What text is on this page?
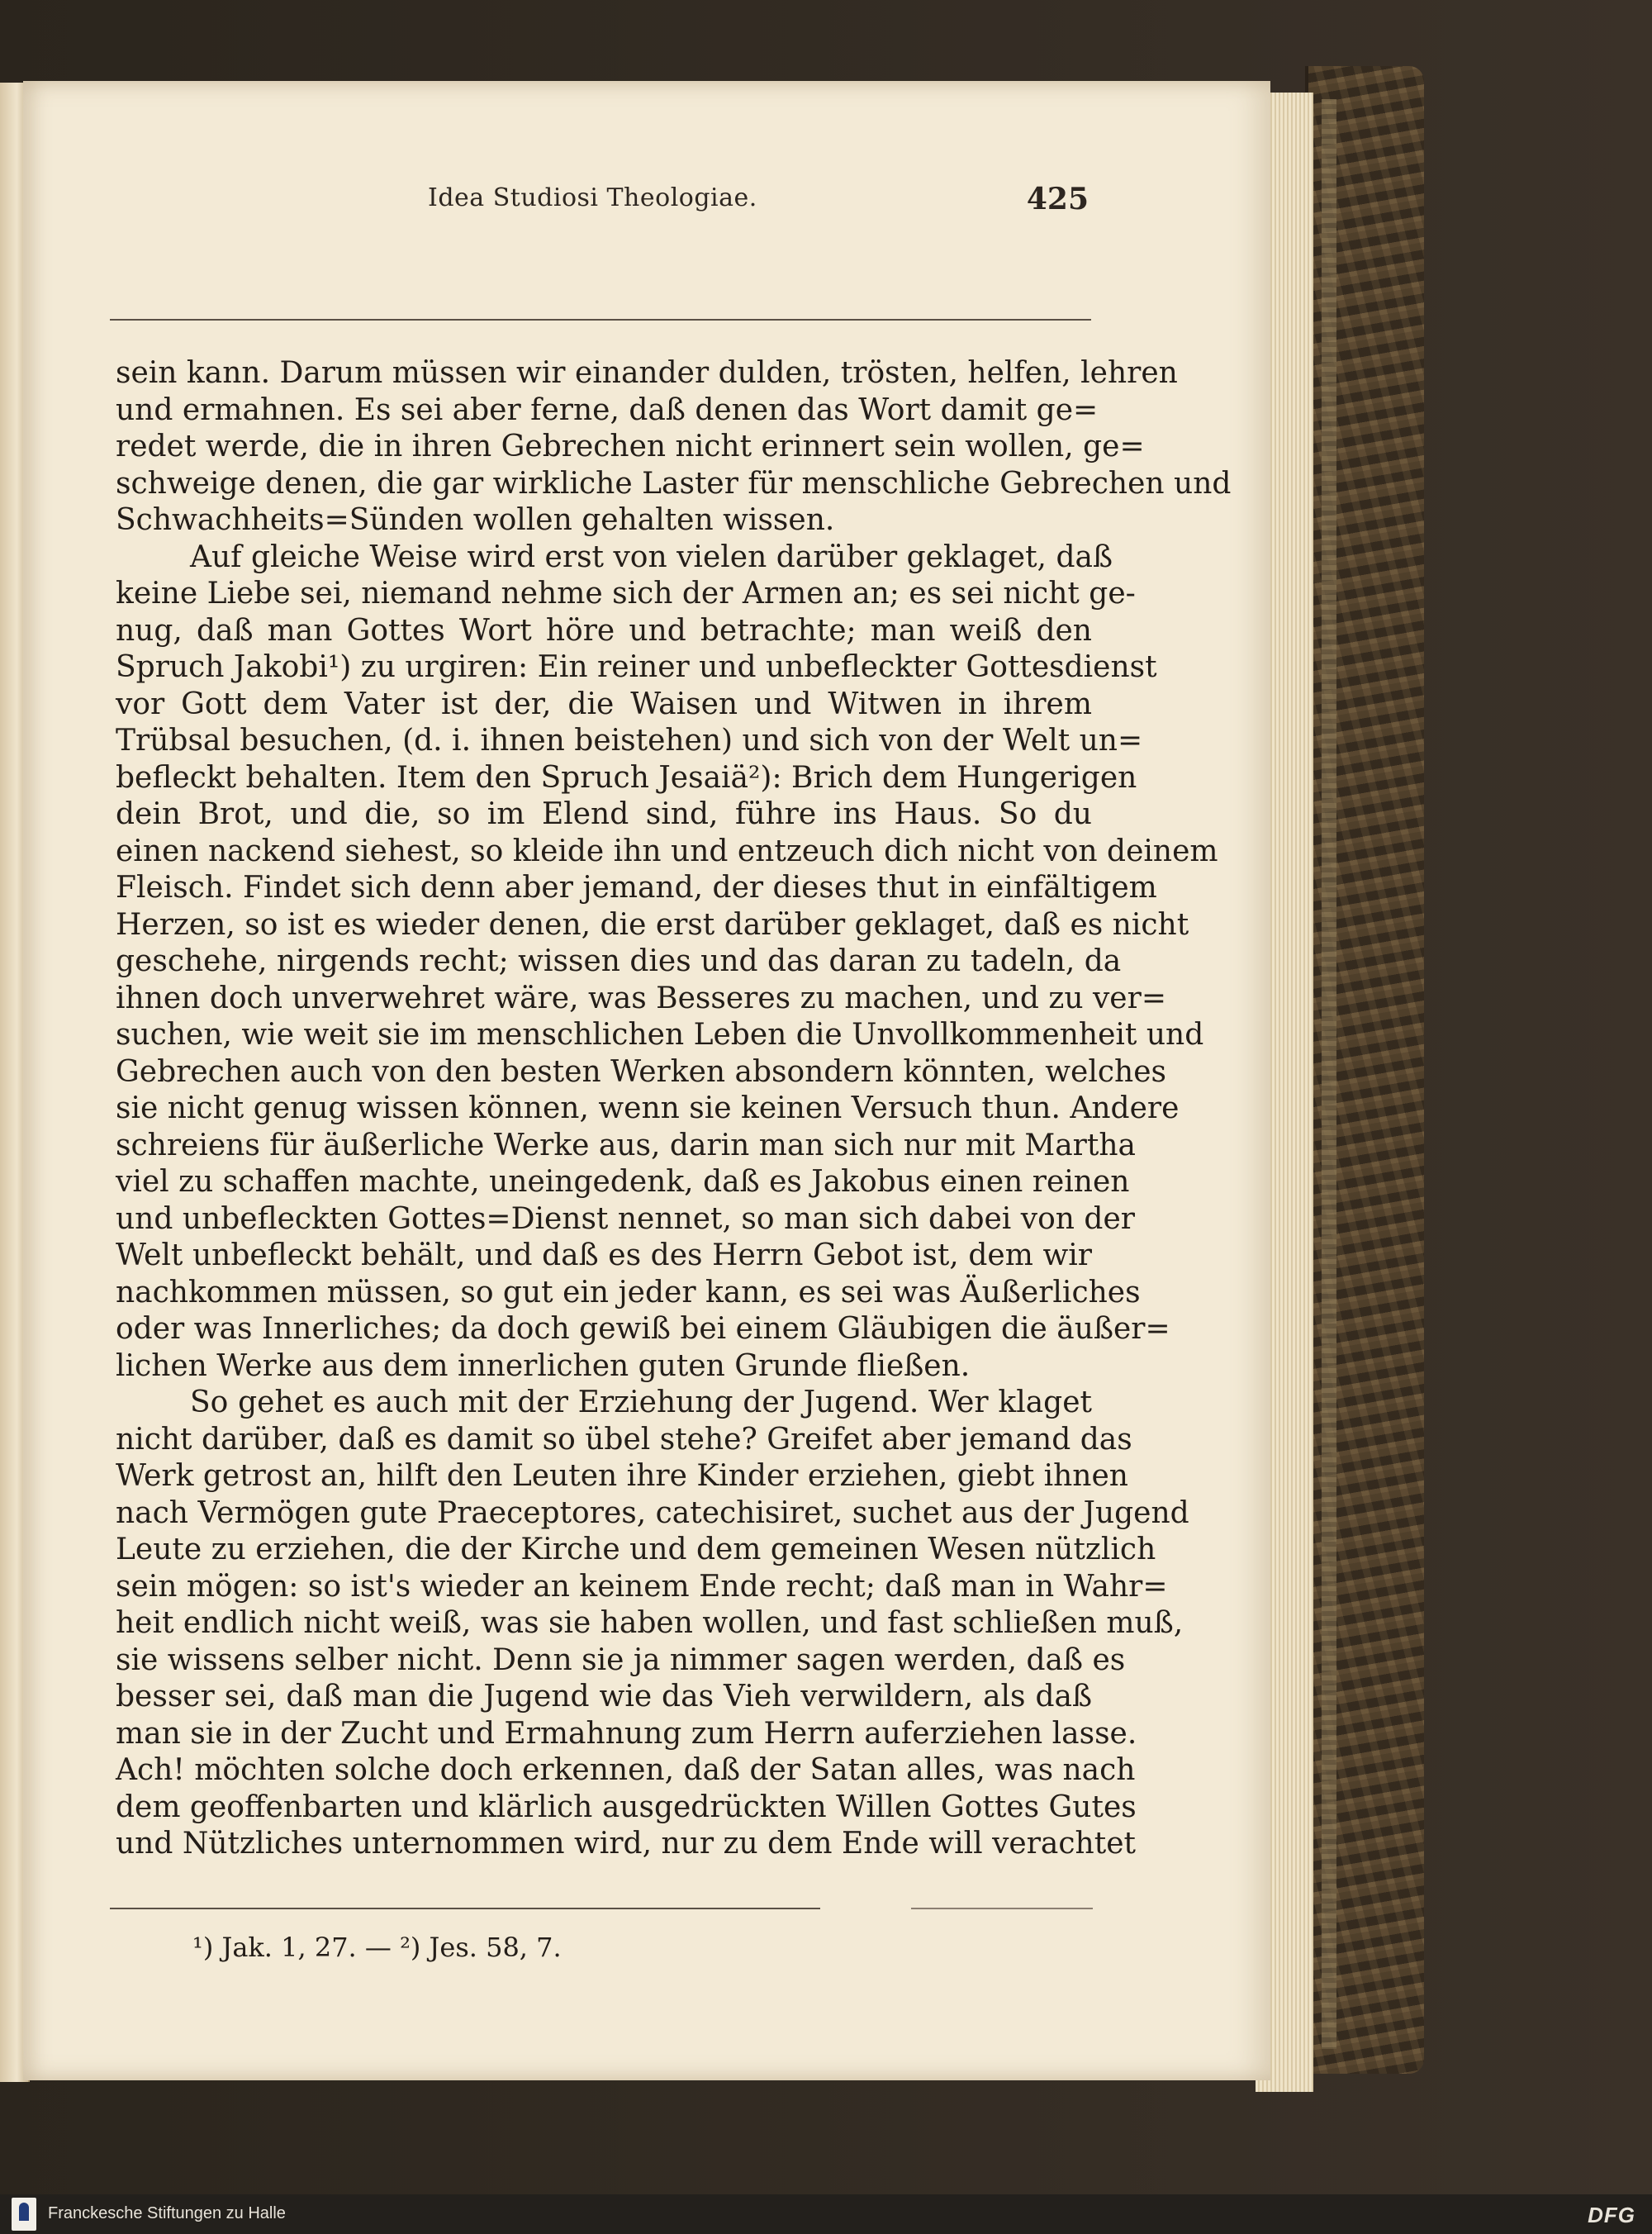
Idea Studiosi Theologiae.	425
sein kann. Darum müssen wir einander dulden, trösten, helfen, lehren
und ermahnen. Es sei aber ferne, daß denen das Wort damit ge=
redet werde, die in ihren Gebrechen nicht erinnert sein wollen, ge=
schweige denen, die gar wirkliche Laster für menschliche Gebrechen und
Schwachheits=Sünden wollen gehalten wissen.
Auf gleiche Weise wird erst von vielen darüber geklaget, daß
keine Liebe sei, niemand nehme sich der Armen an; es sei nicht ge-
nug, daß man Gottes Wort höre und betrachte; man weiß den
Spruch Jakobi¹) zu urgiren: Ein reiner und unbefleckter Gottesdienst
vor Gott dem Vater ist der, die Waisen und Witwen in ihrem
Trübsal besuchen, (d. i. ihnen beistehen) und sich von der Welt un=
befleckt behalten. Item den Spruch Jesaiä²): Brich dem Hungerigen
dein Brot, und die, so im Elend sind, führe ins Haus. So du
einen nackend siehest, so kleide ihn und entzeuch dich nicht von deinem
Fleisch. Findet sich denn aber jemand, der dieses thut in einfältigem
Herzen, so ist es wieder denen, die erst darüber geklaget, daß es nicht
geschehe, nirgends recht; wissen dies und das daran zu tadeln, da
ihnen doch unverwehret wäre, was Besseres zu machen, und zu ver=
suchen, wie weit sie im menschlichen Leben die Unvollkommenheit und
Gebrechen auch von den besten Werken absondern könnten, welches
sie nicht genug wissen können, wenn sie keinen Versuch thun. Andere
schreiens für äußerliche Werke aus, darin man sich nur mit Martha
viel zu schaffen machte, uneingedenk, daß es Jakobus einen reinen
und unbefleckten Gottes=Dienst nennet, so man sich dabei von der
Welt unbefleckt behält, und daß es des Herrn Gebot ist, dem wir
nachkommen müssen, so gut ein jeder kann, es sei was Äußerliches
oder was Innerliches; da doch gewiß bei einem Gläubigen die äußer=
lichen Werke aus dem innerlichen guten Grunde fließen.
So gehet es auch mit der Erziehung der Jugend. Wer klaget
nicht darüber, daß es damit so übel stehe? Greifet aber jemand das
Werk getrost an, hilft den Leuten ihre Kinder erziehen, giebt ihnen
nach Vermögen gute Praeceptores, catechisiret, suchet aus der Jugend
Leute zu erziehen, die der Kirche und dem gemeinen Wesen nützlich
sein mögen: so ist's wieder an keinem Ende recht; daß man in Wahr=
heit endlich nicht weiß, was sie haben wollen, und fast schließen muß,
sie wissens selber nicht. Denn sie ja nimmer sagen werden, daß es
besser sei, daß man die Jugend wie das Vieh verwildern, als daß
man sie in der Zucht und Ermahnung zum Herrn auferziehen lasse.
Ach! möchten solche doch erkennen, daß der Satan alles, was nach
dem geoffenbarten und klärlich ausgedrückten Willen Gottes Gutes
und Nützliches unternommen wird, nur zu dem Ende will verachtet
¹) Jak. 1, 27. — ²) Jes. 58, 7.
Franckesche Stiftungen zu Halle	DFG
